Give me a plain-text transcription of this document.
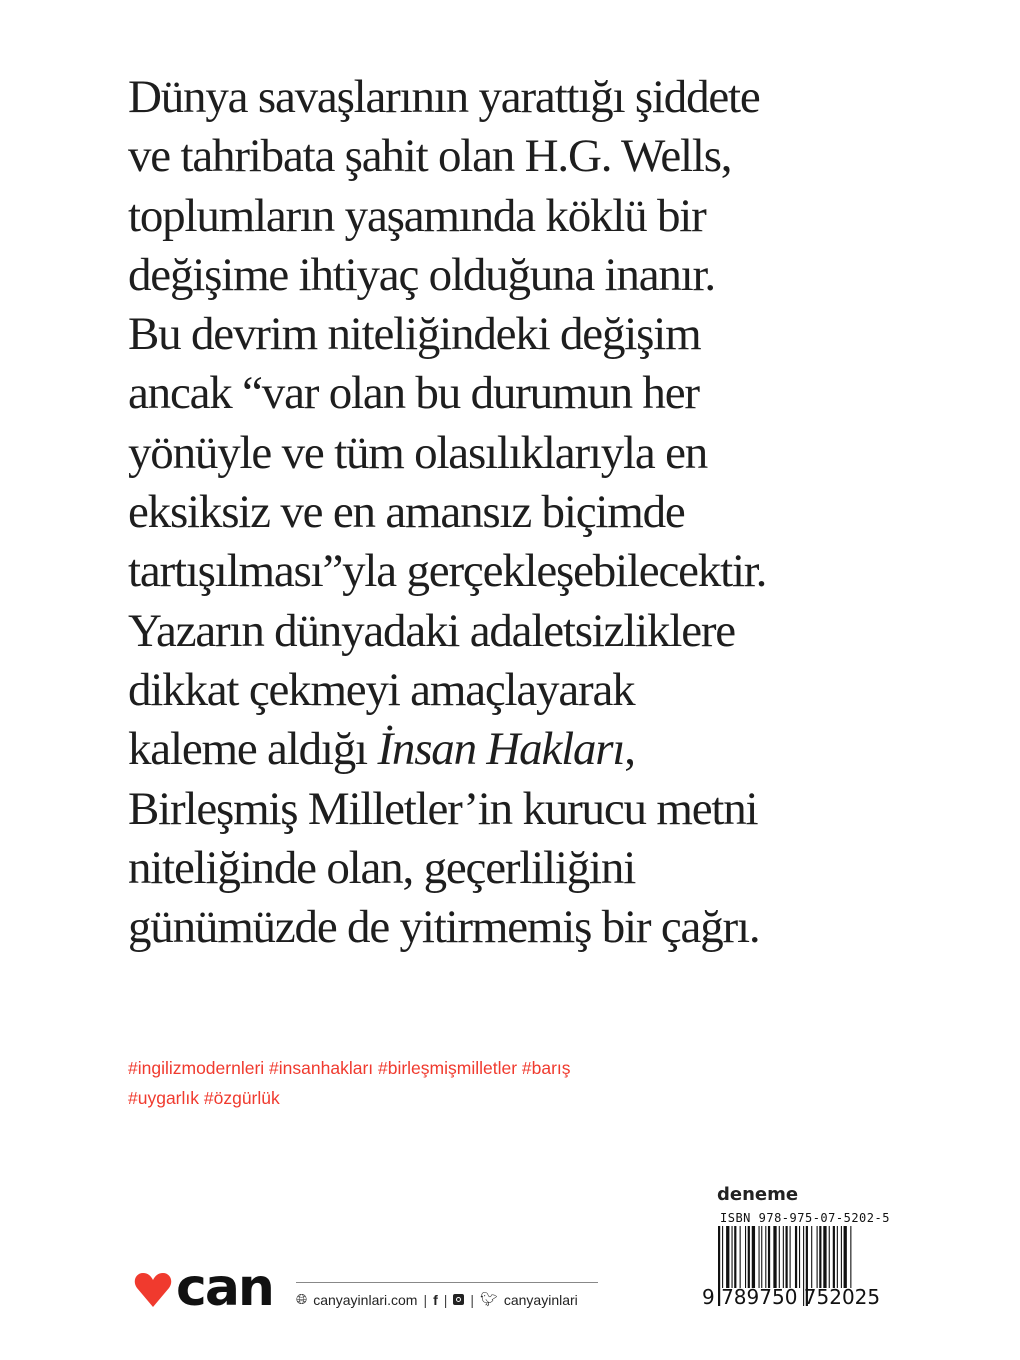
Dünya savaşlarının yarattığı şiddete
ve tahribata şahit olan H.G. Wells,
toplumların yaşamında köklü bir
değişime ihtiyaç olduğuna inanır.
Bu devrim niteliğindeki değişim
ancak “var olan bu durumun her
yönüyle ve tüm olasılıklarıyla en
eksiksiz ve en amansız biçimde
tartışılması”yla gerçekleşebilecektir.
Yazarın dünyadaki adaletsizliklere
dikkat çekmeyi amaçlayarak
kaleme aldığı İnsan Hakları,
Birleşmiş Milletler’in kurucu metni
niteliğinde olan, geçerliliğini
günümüzde de yitirmemiş bir çağrı.
#ingilizmodernleri #insanhakları #birleşmişmilletler #barış
#uygarlık #özgürlük
can 🌐︎ canyayinlari.com | f | | 🐦︎ canyayinlari
deneme
ISBN 978-975-07-5202-5
9 789750 752025
